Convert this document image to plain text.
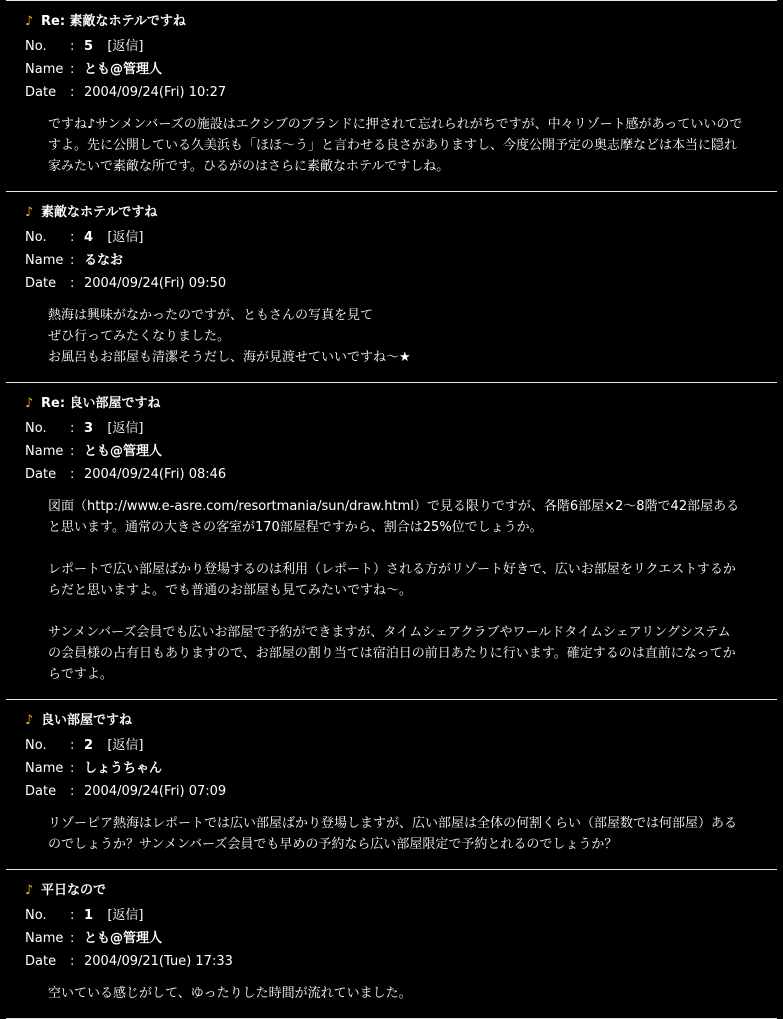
♪ Re: 素敵なホテルですね
No. : 5 [返信]
Name : とも@管理人
Date : 2004/09/24(Fri) 10:27

ですね♪サンメンバーズの施設はエクシブのブランドに押されて忘れられがちですが、中々リゾート感があっていいのですよ。先に公開している久美浜も「ほほ〜う」と言わせる良さがありますし、今度公開予定の奥志摩などは本当に隠れ家みたいで素敵な所です。ひるがのはさらに素敵なホテルですしね。

♪ 素敵なホテルですね
No. : 4 [返信]
Name : るなお
Date : 2004/09/24(Fri) 09:50

熱海は興味がなかったのですが、ともさんの写真を見て
ぜひ行ってみたくなりました。
お風呂もお部屋も清潔そうだし、海が見渡せていいですね〜★

♪ Re: 良い部屋ですね
No. : 3 [返信]
Name : とも@管理人
Date : 2004/09/24(Fri) 08:46

図面（http://www.e-asre.com/resortmania/sun/draw.html）で見る限りですが、各階6部屋×2〜8階で42部屋あると思います。通常の大きさの客室が170部屋程ですから、割合は25%位でしょうか。

レポートで広い部屋ばかり登場するのは利用（レポート）される方がリゾート好きで、広いお部屋をリクエストするからだと思いますよ。でも普通のお部屋も見てみたいですね〜。

サンメンバーズ会員でも広いお部屋で予約ができますが、タイムシェアクラブやワールドタイムシェアリングシステムの会員様の占有日もありますので、お部屋の割り当ては宿泊日の前日あたりに行います。確定するのは直前になってからですよ。

♪ 良い部屋ですね
No. : 2 [返信]
Name : しょうちゃん
Date : 2004/09/24(Fri) 07:09

リゾーピア熱海はレポートでは広い部屋ばかり登場しますが、広い部屋は全体の何割くらい（部屋数では何部屋）あるのでしょうか？サンメンバーズ会員でも早めの予約なら広い部屋限定で予約とれるのでしょうか？

♪ 平日なので
No. : 1 [返信]
Name : とも@管理人
Date : 2004/09/21(Tue) 17:33

空いている感じがして、ゆったりした時間が流れていました。
